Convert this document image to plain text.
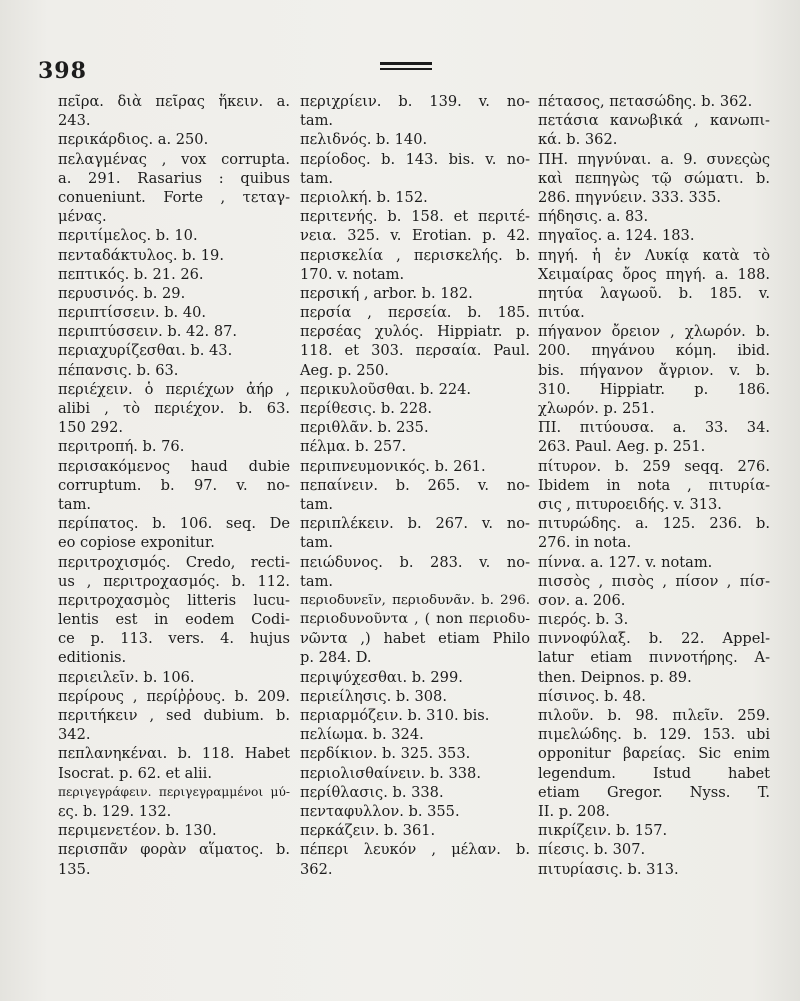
398
πεῖρα. διὰ πεῖρας ἥκειν. a.
243.
περικάρδιος. a. 250.
πελαγμένας , vox corrupta.
a. 291. Rasarius : quibus
conueniunt. Forte , τεταγ-
μένας.
περιτίμελος. b. 10.
πενταδάκτυλος. b. 19.
πεπτικός. b. 21. 26.
περυσινός. b. 29.
περιπτίσσειν. b. 40.
περιπτύσσειν. b. 42. 87.
περιαχυρίζεσθαι. b. 43.
πέπανσις. b. 63.
περιέχειν. ὁ περιέχων ἀήρ ,
alibi , τὸ περιέχον. b. 63.
150 292.
περιτροπή. b. 76.
περισακόμενος haud dubie
corruptum. b. 97. v. no-
tam.
περίπατος. b. 106. seq. De
eo copiose exponitur.
περιτροχισμός. Credo, recti-
us , περιτροχασμός. b. 112.
περιτροχασμὸς litteris lucu-
lentis est in eodem Codi-
ce p. 113. vers. 4. hujus
editionis.
περιειλεῖν. b. 106.
περίρους , περίῤῥους. b. 209.
περιτήκειν , sed dubium. b.
342.
πεπλανηκέναι. b. 118. Habet
Isocrat. p. 62. et alii.
περιγεγράφειν. περιγεγραμμένοι μύ-
ες. b. 129. 132.
περιμενετέον. b. 130.
περισπᾶν φορὰν αἵματος. b.
135.
περιχρίειν. b. 139. v. no-
tam.
πελιδνός. b. 140.
περίοδος. b. 143. bis. v. no-
tam.
περιολκή. b. 152.
περιτενής. b. 158. et περιτέ-
νεια. 325. v. Erotian. p. 42.
περισκελία , περισκελής. b.
170. v. notam.
περσική , arbor. b. 182.
περσία , περσεία. b. 185.
περσέας χυλός. Hippiatr. p.
118. et 303. περσαία. Paul.
Aeg. p. 250.
περικυλοῦσθαι. b. 224.
περίθεσις. b. 228.
περιθλᾶν. b. 235.
πέλμα. b. 257.
περιπνευμονικός. b. 261.
πεπαίνειν. b. 265. v. no-
tam.
περιπλέκειν. b. 267. v. no-
tam.
πειώδυνος. b. 283. v. no-
tam.
περιοδυνεῖν, περιοδυνᾶν. b. 296.
περιοδυνοῦντα , ( non περιοδυ-
νῶντα ,) habet etiam Philo
p. 284. D.
περιψύχεσθαι. b. 299.
περιείλησις. b. 308.
περιαρμόζειν. b. 310. bis.
πελίωμα. b. 324.
περδίκιον. b. 325. 353.
περιολισθαίνειν. b. 338.
περίθλασις. b. 338.
πενταφυλλον. b. 355.
περκάζειν. b. 361.
πέπερι λευκόν , μέλαν. b.
362.
πέτασος, πετασώδης. b. 362.
πετάσια κανωβικά , κανωπι-
κά. b. 362.
ΠΗ. πηγνύναι. a. 9. συνεςὼς
καὶ πεπηγὼς τῷ σώματι. b.
286. πηγνύειν. 333. 335.
πήδησις. a. 83.
πηγαῖος. a. 124. 183.
πηγή. ἡ ἐν Λυκίᾳ κατὰ τὸ
Χειμαίρας ὄρος πηγή. a. 188.
πητύα λαγωοῦ. b. 185. v.
πιτύα.
πήγανον ὄρειον , χλωρόν. b.
200. πηγάνου κόμη. ibid.
bis. πήγανον ἄγριον. v. b.
310. Hippiatr. p. 186.
χλωρόν. p. 251.
ΠΙ. πιτύουσα. a. 33. 34.
263. Paul. Aeg. p. 251.
πίτυρον. b. 259 seqq. 276.
Ibidem in nota , πιτυρία-
σις , πιτυροειδής. v. 313.
πιτυρώδης. a. 125. 236. b.
276. in nota.
πίννα. a. 127. v. notam.
πισσὸς , πισὸς , πίσον , πίσ-
σον. a. 206.
πιερός. b. 3.
πιννοφύλαξ. b. 22. Appel-
latur etiam πιννοτήρης. A-
then. Deipnos. p. 89.
πίσινος. b. 48.
πιλοῦν. b. 98. πιλεῖν. 259.
πιμελώδης. b. 129. 153. ubi
opponitur βαρείας. Sic enim
legendum. Istud habet
etiam Gregor. Nyss. T.
II. p. 208.
πικρίζειν. b. 157.
πίεσις. b. 307.
πιτυρίασις. b. 313.
